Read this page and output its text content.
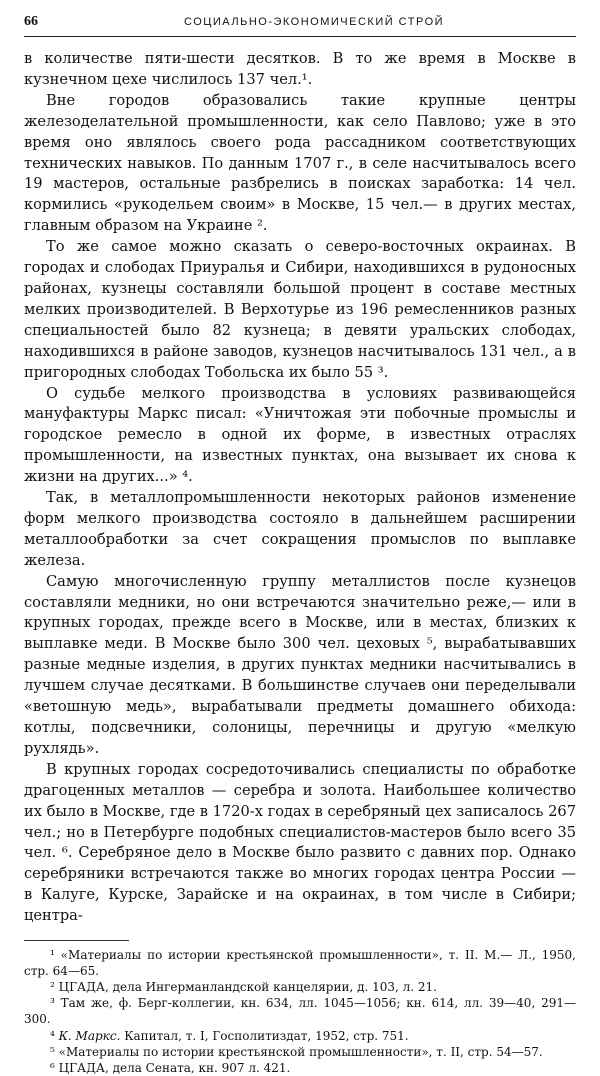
66	СОЦИАЛЬНО-ЭКОНОМИЧЕСКИЙ СТРОЙ

в количестве пяти-шести десятков. В то же время в Москве в кузнечном цехе числилось 137 чел.¹.

Вне городов образовались такие крупные центры железоделательной промышленности, как село Павлово; уже в это время оно являлось своего рода рассадником соответствующих технических навыков. По данным 1707 г., в селе насчитывалось всего 19 мастеров, остальные разбрелись в поисках заработка: 14 чел. кормились «рукодельем своим» в Москве, 15 чел.— в других местах, главным образом на Украине ².

То же самое можно сказать о северо-восточных окраинах. В городах и слободах Приуралья и Сибири, находившихся в рудоносных районах, кузнецы составляли большой процент в составе местных мелких производителей. В Верхотурье из 196 ремесленников разных специальностей было 82 кузнеца; в девяти уральских слободах, находившихся в районе заводов, кузнецов насчитывалось 131 чел., а в пригородных слободах Тобольска их было 55 ³.

О судьбе мелкого производства в условиях развивающейся мануфактуры Маркс писал: «Уничтожая эти побочные промыслы и городское ремесло в одной их форме, в известных отраслях промышленности, на известных пунктах, она вызывает их снова к жизни на других...» ⁴.

Так, в металлопромышленности некоторых районов изменение форм мелкого производства состояло в дальнейшем расширении металлообработки за счет сокращения промыслов по выплавке железа.

Самую многочисленную группу металлистов после кузнецов составляли медники, но они встречаются значительно реже,— или в крупных городах, прежде всего в Москве, или в местах, близких к выплавке меди. В Москве было 300 чел. цеховых ⁵, вырабатывавших разные медные изделия, в других пунктах медники насчитывались в лучшем случае десятками. В большинстве случаев они переделывали «ветошную медь», вырабатывали предметы домашнего обихода: котлы, подсвечники, солоницы, перечницы и другую «мелкую рухлядь».

В крупных городах сосредоточивались специалисты по обработке драгоценных металлов — серебра и золота. Наибольшее количество их было в Москве, где в 1720-х годах в серебряный цех записалось 267 чел.; но в Петербурге подобных специалистов-мастеров было всего 35 чел. ⁶. Серебряное дело в Москве было развито с давних пор. Однако серебряники встречаются также во многих городах центра России — в Калуге, Курске, Зарайске и на окраинах, в том числе в Сибири; центра-

¹ «Материалы по истории крестьянской промышленности», т. II. М.— Л., 1950, стр. 64—65.

² ЦГАДА, дела Ингерманландской канцелярии, д. 103, л. 21.

³ Там же, ф. Берг-коллегии, кн. 634, лл. 1045—1056; кн. 614, лл. 39—40, 291—300.

⁴ К. Маркс. Капитал, т. I, Госполитиздат, 1952, стр. 751.

⁵ «Материалы по истории крестьянской промышленности», т. II, стр. 54—57.

⁶ ЦГАДА, дела Сената, кн. 907 л. 421.
